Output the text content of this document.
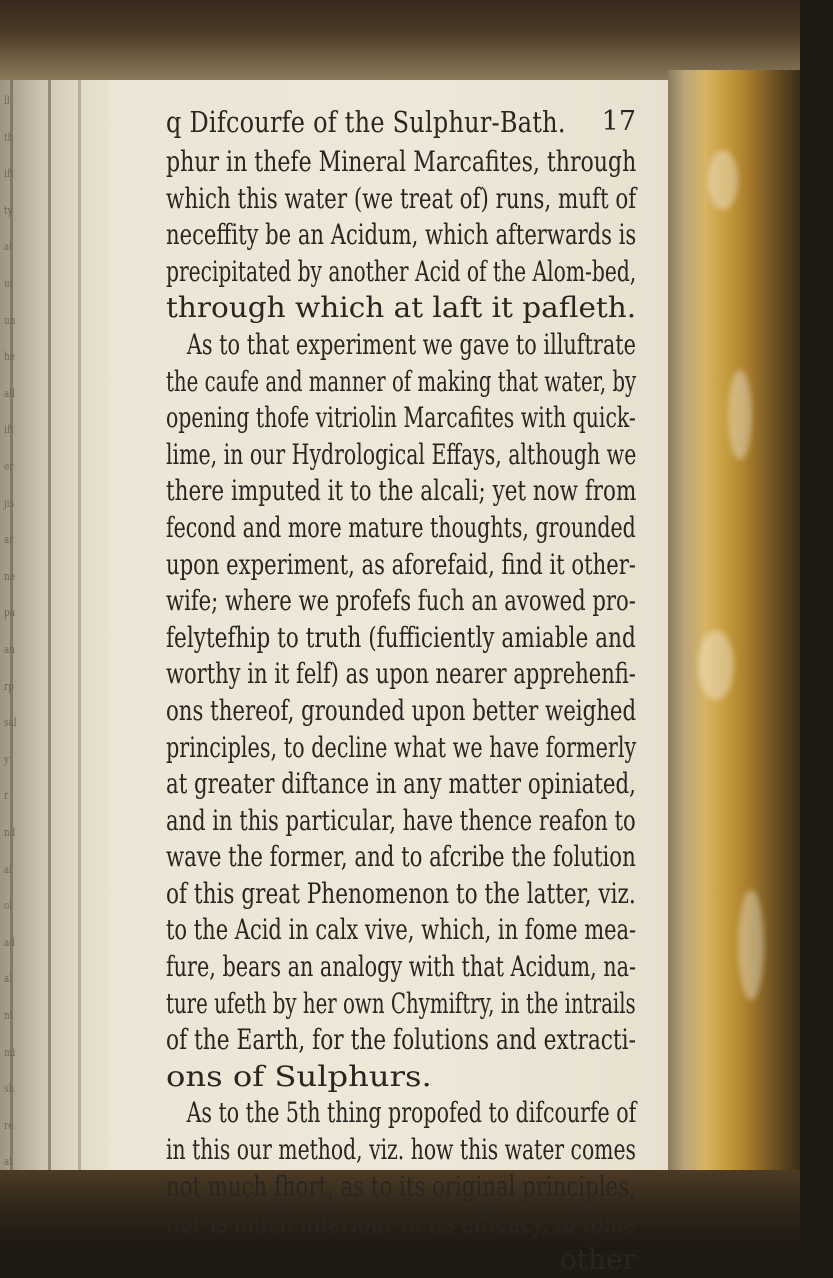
ll
th
ift
ty
at
ut
un
he
all
ift
er
jis
ar
ne
pa
an
rp
sal
y
r
nd
al
ol
ad
al
nt
mi
sh
re
at
q Difcourfe of the Sulphur-Bath. 17
phur in thefe Mineral Marcafites, through
which this water (we treat of) runs, muft of
neceffity be an Acidum, which afterwards is
precipitated by another Acid of the Alom-bed,
through which at laft it pafleth.
As to that experiment we gave to illuftrate
the caufe and manner of making that water, by
opening thofe vitriolin Marcafites with quick-
lime, in our Hydrological Effays, although we
there imputed it to the alcali; yet now from
fecond and more mature thoughts, grounded
upon experiment, as aforefaid, find it other-
wife; where we profefs fuch an avowed pro-
felytefhip to truth (fufficiently amiable and
worthy in it felf) as upon nearer apprehenfi-
ons thereof, grounded upon better weighed
principles, to decline what we have formerly
at greater diftance in any matter opiniated,
and in this particular, have thence reafon to
wave the former, and to afcribe the folution
of this great Phenomenon to the latter, viz.
to the Acid in calx vive, which, in fome mea-
fure, bears an analogy with that Acidum, na-
ture ufeth by her own Chymiftry, in the intrails
of the Earth, for the folutions and extracti-
ons of Sulphurs.
As to the 5th thing propofed to difcourfe of
in this our method, viz. how this water comes
not much fhort, as to its original principles,
nor is much inferiour in its efficacy, to fome
other
